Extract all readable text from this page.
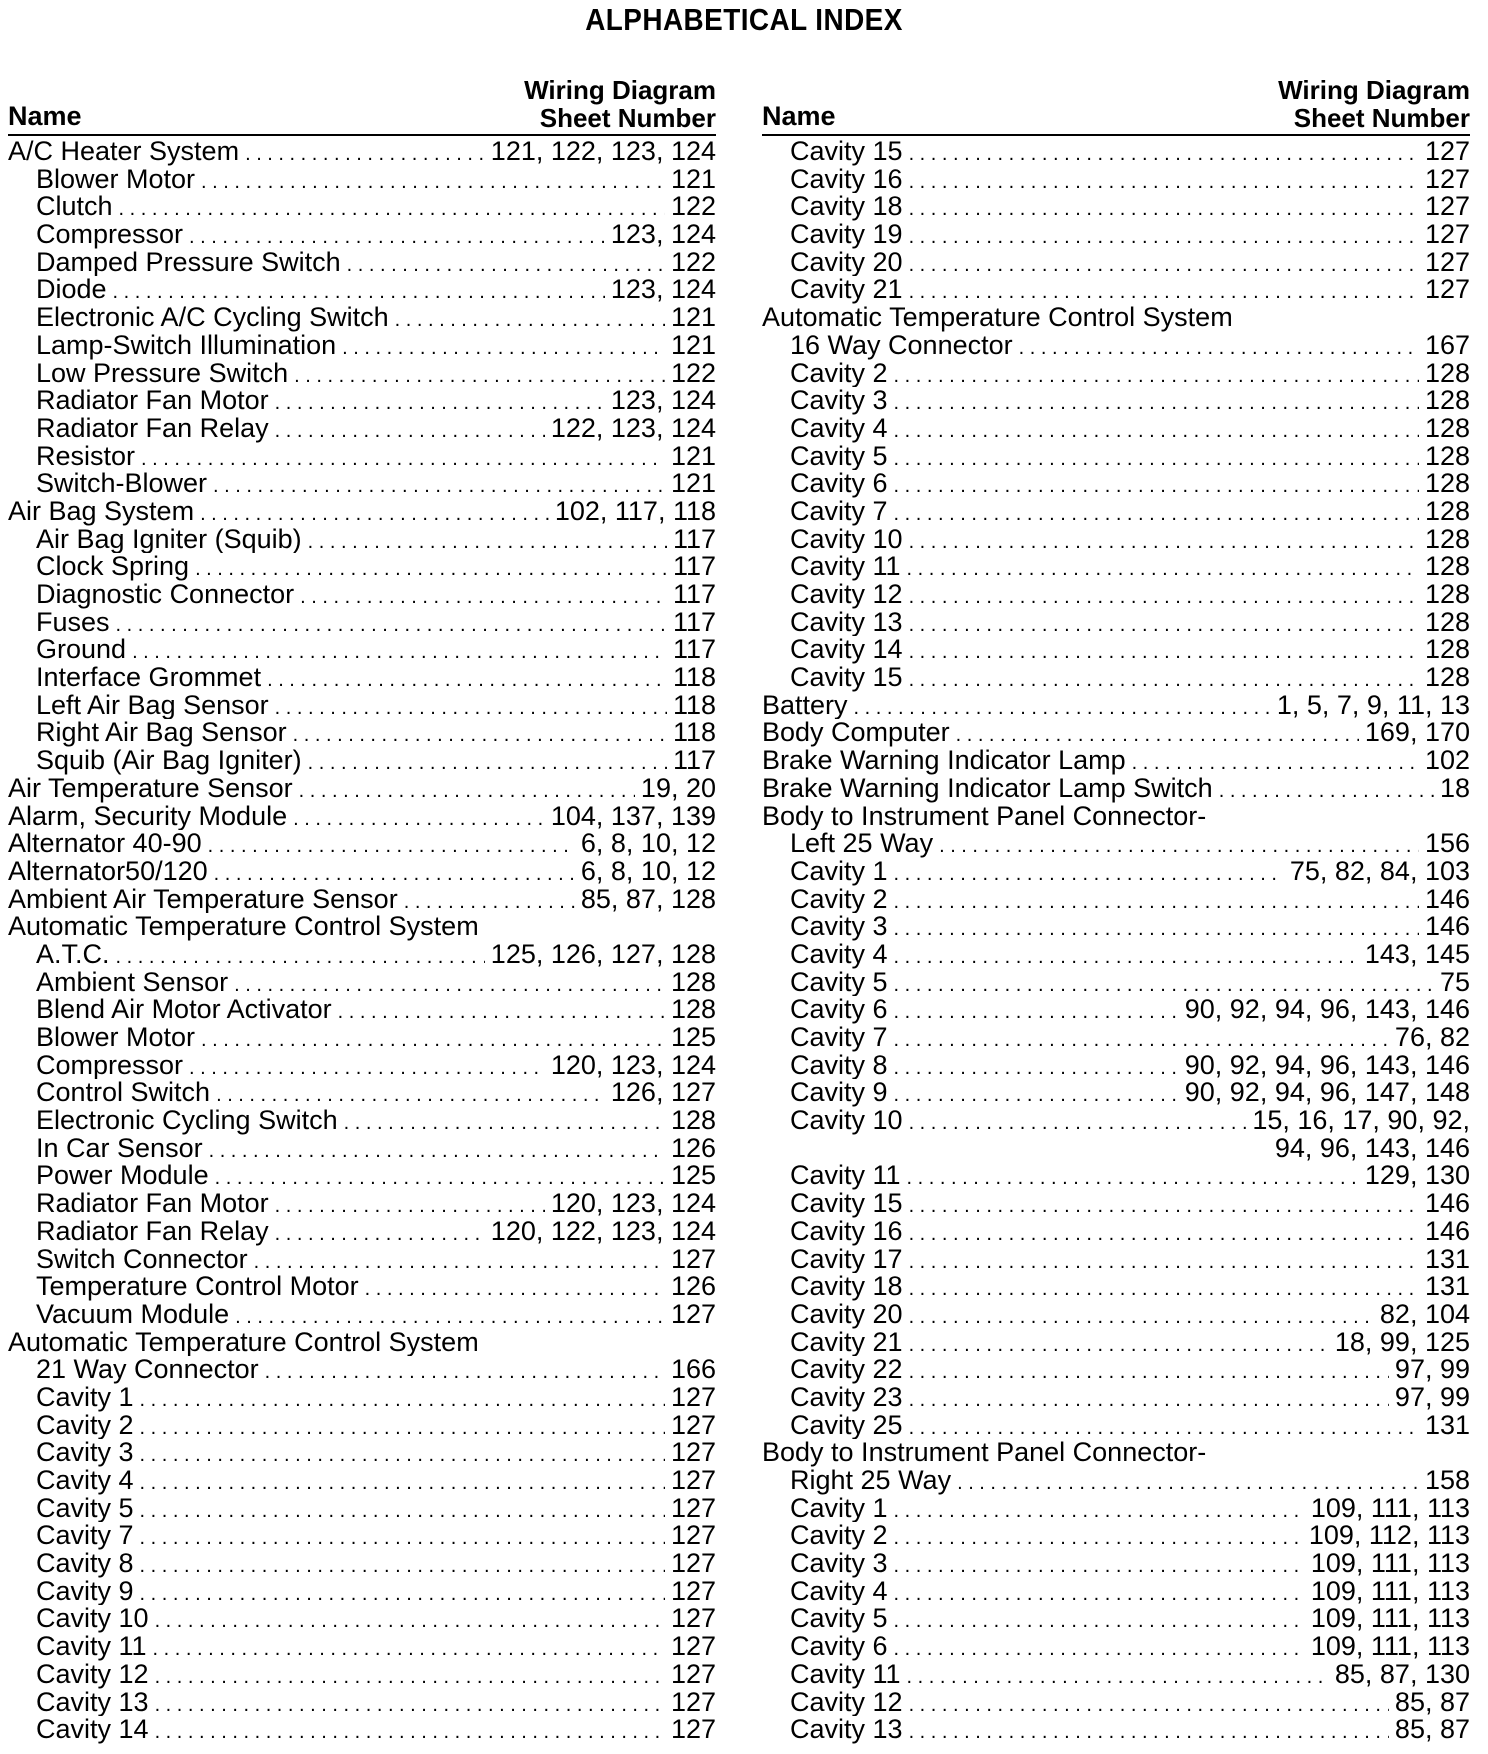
ALPHABETICAL INDEX
Name
Wiring Diagram
Sheet Number
A/C Heater System . . .	121, 122, 123, 124
Blower Motor . . .	121
Clutch . . .	122
Compressor . . .	123, 124
Damped Pressure Switch . . .	122
Diode . . .	123, 124
Electronic A/C Cycling Switch . . .	121
Lamp-Switch Illumination . . .	121
Low Pressure Switch . . .	122
Radiator Fan Motor . . .	123, 124
Radiator Fan Relay . . .	122, 123, 124
Resistor . . .	121
Switch-Blower . . .	121
Air Bag System . . .	102, 117, 118
Air Bag Igniter (Squib) . . .	117
Clock Spring . . .	117
Diagnostic Connector . . .	117
Fuses . . .	117
Ground . . .	117
Interface Grommet . . .	118
Left Air Bag Sensor . . .	118
Right Air Bag Sensor . . .	118
Squib (Air Bag Igniter) . . .	117
Air Temperature Sensor . . .	19, 20
Alarm, Security Module . . .	104, 137, 139
Alternator 40-90 . . .	6, 8, 10, 12
Alternator50/120 . . .	6, 8, 10, 12
Ambient Air Temperature Sensor . . .	85, 87, 128
Automatic Temperature Control System
A.T.C. . . .	125, 126, 127, 128
Ambient Sensor . . .	128
Blend Air Motor Activator . . .	128
Blower Motor . . .	125
Compressor . . .	120, 123, 124
Control Switch . . .	126, 127
Electronic Cycling Switch . . .	128
In Car Sensor . . .	126
Power Module . . .	125
Radiator Fan Motor . . .	120, 123, 124
Radiator Fan Relay . . .	120, 122, 123, 124
Switch Connector . . .	127
Temperature Control Motor . . .	126
Vacuum Module . . .	127
Automatic Temperature Control System
21 Way Connector . . .	166
Cavity 1 . . .	127
Cavity 2 . . .	127
Cavity 3 . . .	127
Cavity 4 . . .	127
Cavity 5 . . .	127
Cavity 7 . . .	127
Cavity 8 . . .	127
Cavity 9 . . .	127
Cavity 10 . . .	127
Cavity 11 . . .	127
Cavity 12 . . .	127
Cavity 13 . . .	127
Cavity 14 . . .	127
Name
Wiring Diagram
Sheet Number
Cavity 15 . . .	127
Cavity 16 . . .	127
Cavity 18 . . .	127
Cavity 19 . . .	127
Cavity 20 . . .	127
Cavity 21 . . .	127
Automatic Temperature Control System
16 Way Connector . . .	167
Cavity 2 . . .	128
Cavity 3 . . .	128
Cavity 4 . . .	128
Cavity 5 . . .	128
Cavity 6 . . .	128
Cavity 7 . . .	128
Cavity 10 . . .	128
Cavity 11 . . .	128
Cavity 12 . . .	128
Cavity 13 . . .	128
Cavity 14 . . .	128
Cavity 15 . . .	128
Battery . . .	1, 5, 7, 9, 11, 13
Body Computer . . .	169, 170
Brake Warning Indicator Lamp . . .	102
Brake Warning Indicator Lamp Switch . . .	18
Body to Instrument Panel Connector-
Left 25 Way . . .	156
Cavity 1 . . .	75, 82, 84, 103
Cavity 2 . . .	146
Cavity 3 . . .	146
Cavity 4 . . .	143, 145
Cavity 5 . . .	75
Cavity 6 . . .	90, 92, 94, 96, 143, 146
Cavity 7 . . .	76, 82
Cavity 8 . . .	90, 92, 94, 96, 143, 146
Cavity 9 . . .	90, 92, 94, 96, 147, 148
Cavity 10 . . .	15, 16, 17, 90, 92,
94, 96, 143, 146
Cavity 11 . . .	129, 130
Cavity 15 . . .	146
Cavity 16 . . .	146
Cavity 17 . . .	131
Cavity 18 . . .	131
Cavity 20 . . .	82, 104
Cavity 21 . . .	18, 99, 125
Cavity 22 . . .	97, 99
Cavity 23 . . .	97, 99
Cavity 25 . . .	131
Body to Instrument Panel Connector-
Right 25 Way . . .	158
Cavity 1 . . .	109, 111, 113
Cavity 2 . . .	109, 112, 113
Cavity 3 . . .	109, 111, 113
Cavity 4 . . .	109, 111, 113
Cavity 5 . . .	109, 111, 113
Cavity 6 . . .	109, 111, 113
Cavity 11 . . .	85, 87, 130
Cavity 12 . . .	85, 87
Cavity 13 . . .	85, 87
